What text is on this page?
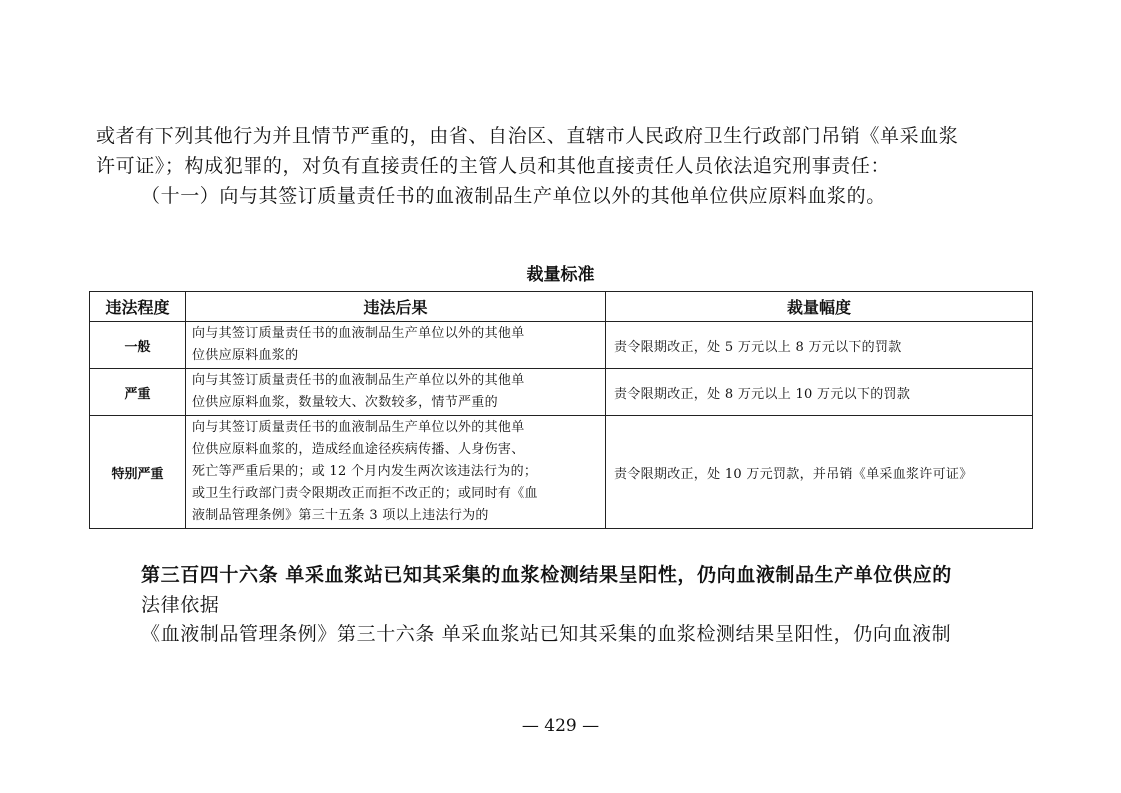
或者有下列其他行为并且情节严重的，由省、自治区、直辖市人民政府卫生行政部门吊销《单采血浆
许可证》；构成犯罪的，对负有直接责任的主管人员和其他直接责任人员依法追究刑事责任：
（十一）向与其签订质量责任书的血液制品生产单位以外的其他单位供应原料血浆的。
裁量标准
违法程度	违法后果	裁量幅度
一般	向与其签订质量责任书的血液制品生产单位以外的其他单
位供应原料血浆的	责令限期改正，处 5 万元以上 8 万元以下的罚款
严重	向与其签订质量责任书的血液制品生产单位以外的其他单
位供应原料血浆，数量较大、次数较多，情节严重的	责令限期改正，处 8 万元以上 10 万元以下的罚款
特别严重	向与其签订质量责任书的血液制品生产单位以外的其他单
位供应原料血浆的，造成经血途径疾病传播、人身伤害、
死亡等严重后果的；或 12 个月内发生两次该违法行为的；
或卫生行政部门责令限期改正而拒不改正的；或同时有《血
液制品管理条例》第三十五条 3 项以上违法行为的	责令限期改正，处 10 万元罚款，并吊销《单采血浆许可证》
第三百四十六条 单采血浆站已知其采集的血浆检测结果呈阳性，仍向血液制品生产单位供应的
法律依据
《血液制品管理条例》第三十六条 单采血浆站已知其采集的血浆检测结果呈阳性，仍向血液制
— 429 —
